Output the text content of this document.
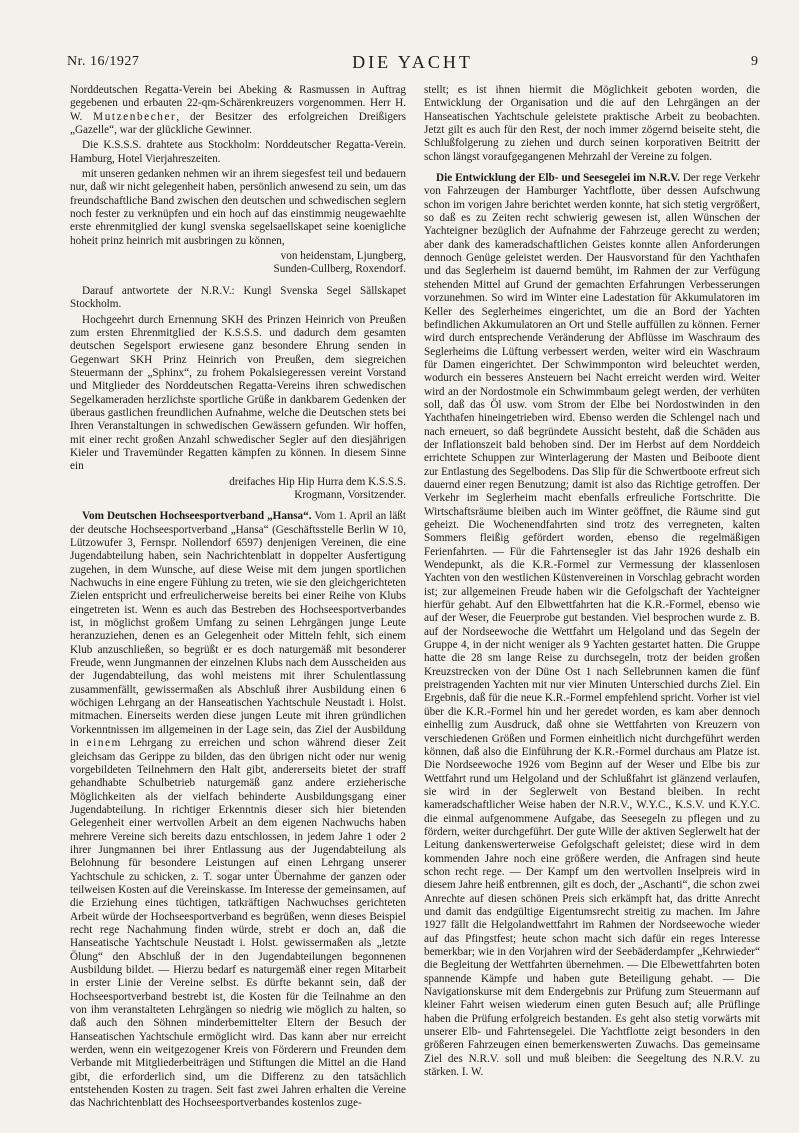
Nr. 16/1927	DIE YACHT	9

Norddeutschen Regatta-Verein bei Abeking & Rasmussen in Auftrag gegebenen und erbauten 22-qm-Schärenkreuzers vorgenommen. Herr H. W. Mutzenbecher, der Besitzer des erfolgreichen Dreißigers „Gazelle“, war der glückliche Gewinner.

Die K.S.S.S. drahtete aus Stockholm: Norddeutscher Regatta-Verein. Hamburg, Hotel Vierjahreszeiten.

mit unseren gedanken nehmen wir an ihrem siegesfest teil und bedauern nur, daß wir nicht gelegenheit haben, persönlich anwesend zu sein, um das freundschaftliche Band zwischen den deutschen und schwedischen seglern noch fester zu verknüpfen und ein hoch auf das einstimmig neugewaehlte erste ehrenmitglied der kungl svenska segelsaellskapet seine koenigliche hoheit prinz heinrich mit ausbringen zu können,

von heidenstam, Ljungberg,

Sunden-Cullberg, Roxendorf.

Darauf antwortete der N.R.V.: Kungl Svenska Segel Sällskapet Stockholm.

Hochgeehrt durch Ernennung SKH des Prinzen Heinrich von Preußen zum ersten Ehrenmitglied der K.S.S.S. und dadurch dem gesamten deutschen Segelsport erwiesene ganz besondere Ehrung senden in Gegenwart SKH Prinz Heinrich von Preußen, dem siegreichen Steuermann der „Sphinx“, zu frohem Pokalsiegeressen vereint Vorstand und Mitglieder des Norddeutschen Regatta-Vereins ihren schwedischen Segelkameraden herzlichste sportliche Grüße in dankbarem Gedenken der überaus gastlichen freundlichen Aufnahme, welche die Deutschen stets bei Ihren Veranstaltungen in schwedischen Gewässern gefunden. Wir hoffen, mit einer recht großen Anzahl schwedischer Segler auf den diesjährigen Kieler und Travemünder Regatten kämpfen zu können. In diesem Sinne ein

dreifaches Hip Hip Hurra dem K.S.S.S.

Krogmann, Vorsitzender.

Vom Deutschen Hochseesportverband „Hansa“. Vom 1. April an läßt der deutsche Hochseesportverband „Hansa“ (Geschäftsstelle Berlin W 10, Lützowufer 3, Fernspr. Nollendorf 6597) denjenigen Vereinen, die eine Jugendabteilung haben, sein Nachrichtenblatt in doppelter Ausfertigung zugehen, in dem Wunsche, auf diese Weise mit dem jungen sportlichen Nachwuchs in eine engere Fühlung zu treten, wie sie den gleichgerichteten Zielen entspricht und erfreulicherweise bereits bei einer Reihe von Klubs eingetreten ist. Wenn es auch das Bestreben des Hochseesportverbandes ist, in möglichst großem Umfang zu seinen Lehrgängen junge Leute heranzuziehen, denen es an Gelegenheit oder Mitteln fehlt, sich einem Klub anzuschließen, so begrüßt er es doch naturgemäß mit besonderer Freude, wenn Jungmannen der einzelnen Klubs nach dem Ausscheiden aus der Jugendabteilung, das wohl meistens mit ihrer Schulentlassung zusammenfällt, gewissermaßen als Abschluß ihrer Ausbildung einen 6 wöchigen Lehrgang an der Hanseatischen Yachtschule Neustadt i. Holst. mitmachen. Einerseits werden diese jungen Leute mit ihren gründlichen Vorkenntnissen im allgemeinen in der Lage sein, das Ziel der Ausbildung in einem Lehrgang zu erreichen und schon während dieser Zeit gleichsam das Gerippe zu bilden, das den übrigen nicht oder nur wenig vorgebildeten Teilnehmern den Halt gibt, andererseits bietet der straff gehandhabte Schulbetrieb naturgemäß ganz andere erzieherische Möglichkeiten als der vielfach behinderte Ausbildungsgang einer Jugendabteilung. In richtiger Erkenntnis dieser sich hier bietenden Gelegenheit einer wertvollen Arbeit an dem eigenen Nachwuchs haben mehrere Vereine sich bereits dazu entschlossen, in jedem Jahre 1 oder 2 ihrer Jungmannen bei ihrer Entlassung aus der Jugendabteilung als Belohnung für besondere Leistungen auf einen Lehrgang unserer Yachtschule zu schicken, z. T. sogar unter Übernahme der ganzen oder teilweisen Kosten auf die Vereinskasse. Im Interesse der gemeinsamen, auf die Erziehung eines tüchtigen, tatkräftigen Nachwuchses gerichteten Arbeit würde der Hochseesportverband es begrüßen, wenn dieses Beispiel recht rege Nachahmung finden würde, strebt er doch an, daß die Hanseatische Yachtschule Neustadt i. Holst. gewissermaßen als „letzte Ölung“ den Abschluß der in den Jugendabteilungen begonnenen Ausbildung bildet. — Hierzu bedarf es naturgemäß einer regen Mitarbeit in erster Linie der Vereine selbst. Es dürfte bekannt sein, daß der Hochseesportverband bestrebt ist, die Kosten für die Teilnahme an den von ihm veranstalteten Lehrgängen so niedrig wie möglich zu halten, so daß auch den Söhnen minderbemittelter Eltern der Besuch der Hanseatischen Yachtschule ermöglicht wird. Das kann aber nur erreicht werden, wenn ein weitgezogener Kreis von Förderern und Freunden dem Verbande mit Mitgliederbeiträgen und Stiftungen die Mittel an die Hand gibt, die erforderlich sind, um die Differenz zu den tatsächlich entstehenden Kosten zu tragen. Seit fast zwei Jahren erhalten die Vereine das Nachrichtenblatt des Hochseesportverbandes kostenlos zuge-

stellt; es ist ihnen hiermit die Möglichkeit geboten worden, die Entwicklung der Organisation und die auf den Lehrgängen an der Hanseatischen Yachtschule geleistete praktische Arbeit zu beobachten. Jetzt gilt es auch für den Rest, der noch immer zögernd beiseite steht, die Schlußfolgerung zu ziehen und durch seinen korporativen Beitritt der schon längst voraufgegangenen Mehrzahl der Vereine zu folgen.

Die Entwicklung der Elb- und Seesegelei im N.R.V. Der rege Verkehr von Fahrzeugen der Hamburger Yachtflotte, über dessen Aufschwung schon im vorigen Jahre berichtet werden konnte, hat sich stetig vergrößert, so daß es zu Zeiten recht schwierig gewesen ist, allen Wünschen der Yachteigner bezüglich der Aufnahme der Fahrzeuge gerecht zu werden; aber dank des kameradschaftlichen Geistes konnte allen Anforderungen dennoch Genüge geleistet werden. Der Hausvorstand für den Yachthafen und das Seglerheim ist dauernd bemüht, im Rahmen der zur Verfügung stehenden Mittel auf Grund der gemachten Erfahrungen Verbesserungen vorzunehmen. So wird im Winter eine Ladestation für Akkumulatoren im Keller des Seglerheimes eingerichtet, um die an Bord der Yachten befindlichen Akkumulatoren an Ort und Stelle auffüllen zu können. Ferner wird durch entsprechende Veränderung der Abflüsse im Waschraum des Seglerheims die Lüftung verbessert werden, weiter wird ein Waschraum für Damen eingerichtet. Der Schwimmponton wird beleuchtet werden, wodurch ein besseres Ansteuern bei Nacht erreicht werden wird. Weiter wird an der Nordostmole ein Schwimmbaum gelegt werden, der verhüten soll, daß das Öl usw. vom Strom der Elbe bei Nordostwinden in den Yachthafen hineingetrieben wird. Ebenso werden die Schlengel nach und nach erneuert, so daß begründete Aussicht besteht, daß die Schäden aus der Inflationszeit bald behoben sind. Der im Herbst auf dem Norddeich errichtete Schuppen zur Winterlagerung der Masten und Beiboote dient zur Entlastung des Segelbodens. Das Slip für die Schwertboote erfreut sich dauernd einer regen Benutzung; damit ist also das Richtige getroffen. Der Verkehr im Seglerheim macht ebenfalls erfreuliche Fortschritte. Die Wirtschaftsräume bleiben auch im Winter geöffnet, die Räume sind gut geheizt. Die Wochenendfahrten sind trotz des verregneten, kalten Sommers fleißig gefördert worden, ebenso die regelmäßigen Ferienfahrten. — Für die Fahrtensegler ist das Jahr 1926 deshalb ein Wendepunkt, als die K.R.-Formel zur Vermessung der klassenlosen Yachten von den westlichen Küstenvereinen in Vorschlag gebracht worden ist; zur allgemeinen Freude haben wir die Gefolgschaft der Yachteigner hierfür gehabt. Auf den Elbwettfahrten hat die K.R.-Formel, ebenso wie auf der Weser, die Feuerprobe gut bestanden. Viel besprochen wurde z. B. auf der Nordseewoche die Wettfahrt um Helgoland und das Segeln der Gruppe 4, in der nicht weniger als 9 Yachten gestartet hatten. Die Gruppe hatte die 28 sm lange Reise zu durchsegeln, trotz der beiden großen Kreuzstrecken von der Düne Ost 1 nach Sellebrunnen kamen die fünf preistragenden Yachten mit nur vier Minuten Unterschied durchs Ziel. Ein Ergebnis, daß für die neue K.R.-Formel empfehlend spricht. Vorher ist viel über die K.R.-Formel hin und her geredet worden, es kam aber dennoch einhellig zum Ausdruck, daß ohne sie Wettfahrten von Kreuzern von verschiedenen Größen und Formen einheitlich nicht durchgeführt werden können, daß also die Einführung der K.R.-Formel durchaus am Platze ist. Die Nordseewoche 1926 vom Beginn auf der Weser und Elbe bis zur Wettfahrt rund um Helgoland und der Schlußfahrt ist glänzend verlaufen, sie wird in der Seglerwelt von Bestand bleiben. In recht kameradschaftlicher Weise haben der N.R.V., W.Y.C., K.S.V. und K.Y.C. die einmal aufgenommene Aufgabe, das Seesegeln zu pflegen und zu fördern, weiter durchgeführt. Der gute Wille der aktiven Seglerwelt hat der Leitung dankenswerterweise Gefolgschaft geleistet; diese wird in dem kommenden Jahre noch eine größere werden, die Anfragen sind heute schon recht rege. — Der Kampf um den wertvollen Inselpreis wird in diesem Jahre heiß entbrennen, gilt es doch, der „Aschanti“, die schon zwei Anrechte auf diesen schönen Preis sich erkämpft hat, das dritte Anrecht und damit das endgültige Eigentumsrecht streitig zu machen. Im Jahre 1927 fällt die Helgolandwettfahrt im Rahmen der Nordseewoche wieder auf das Pfingstfest; heute schon macht sich dafür ein reges Interesse bemerkbar; wie in den Vorjahren wird der Seebäderdampfer „Kehrwieder“ die Begleitung der Wettfahrten übernehmen. — Die Elbewettfahrten boten spannende Kämpfe und haben gute Beteiligung gehabt. — Die Navigationskurse mit dem Endergebnis zur Prüfung zum Steuermann auf kleiner Fahrt weisen wiederum einen guten Besuch auf; alle Prüflinge haben die Prüfung erfolgreich bestanden. Es geht also stetig vorwärts mit unserer Elb- und Fahrtensegelei. Die Yachtflotte zeigt besonders in den größeren Fahrzeugen einen bemerkenswerten Zuwachs. Das gemeinsame Ziel des N.R.V. soll und muß bleiben: die Seegeltung des N.R.V. zu stärken. I. W.
